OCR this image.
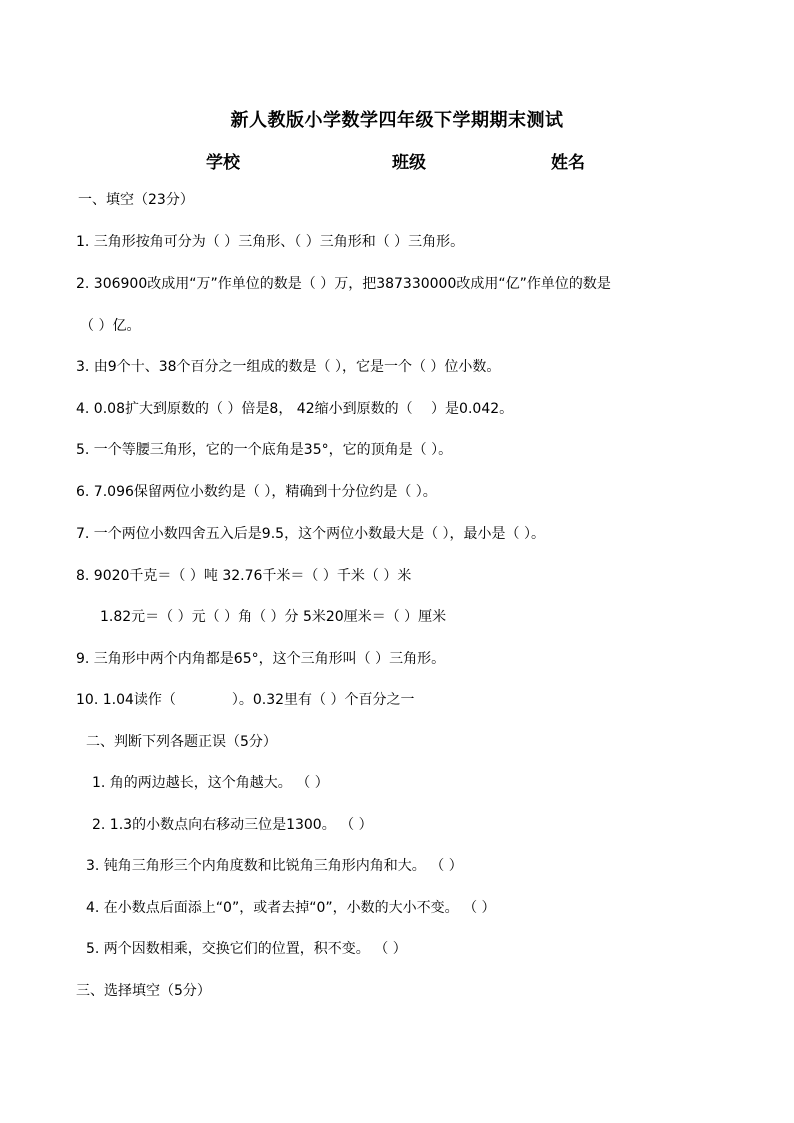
新人教版小学数学四年级下学期期末测试
学校	班级	姓名
一、填空（23分）
1. 三角形按角可分为（ ）三角形、（ ）三角形和（ ）三角形。
2. 306900改成用“万”作单位的数是（ ）万，把387330000改成用“亿”作单位的数是
（ ）亿。
3. 由9个十、38个百分之一组成的数是（ ），它是一个（ ）位小数。
4. 0.08扩大到原数的（ ）倍是8， 42缩小到原数的（　 ）是0.042。
5. 一个等腰三角形，它的一个底角是35°，它的顶角是（ ）。
6. 7.096保留两位小数约是（ ），精确到十分位约是（ ）。
7. 一个两位小数四舍五入后是9.5，这个两位小数最大是（ ），最小是（ ）。
8. 9020千克＝（ ）吨 32.76千米＝（ ）千米（ ）米
1.82元＝（ ）元（ ）角（ ）分 5米20厘米＝（ ）厘米
9. 三角形中两个内角都是65°，这个三角形叫（ ）三角形。
10. 1.04读作（　　　　）。0.32里有（ ）个百分之一
二、判断下列各题正误（5分）
1. 角的两边越长，这个角越大。 （ ）
2. 1.3的小数点向右移动三位是1300。 （ ）
3. 钝角三角形三个内角度数和比锐角三角形内角和大。 （ ）
4. 在小数点后面添上“0”，或者去掉“0”，小数的大小不变。 （ ）
5. 两个因数相乘，交换它们的位置，积不变。 （ ）
三、选择填空（5分）
